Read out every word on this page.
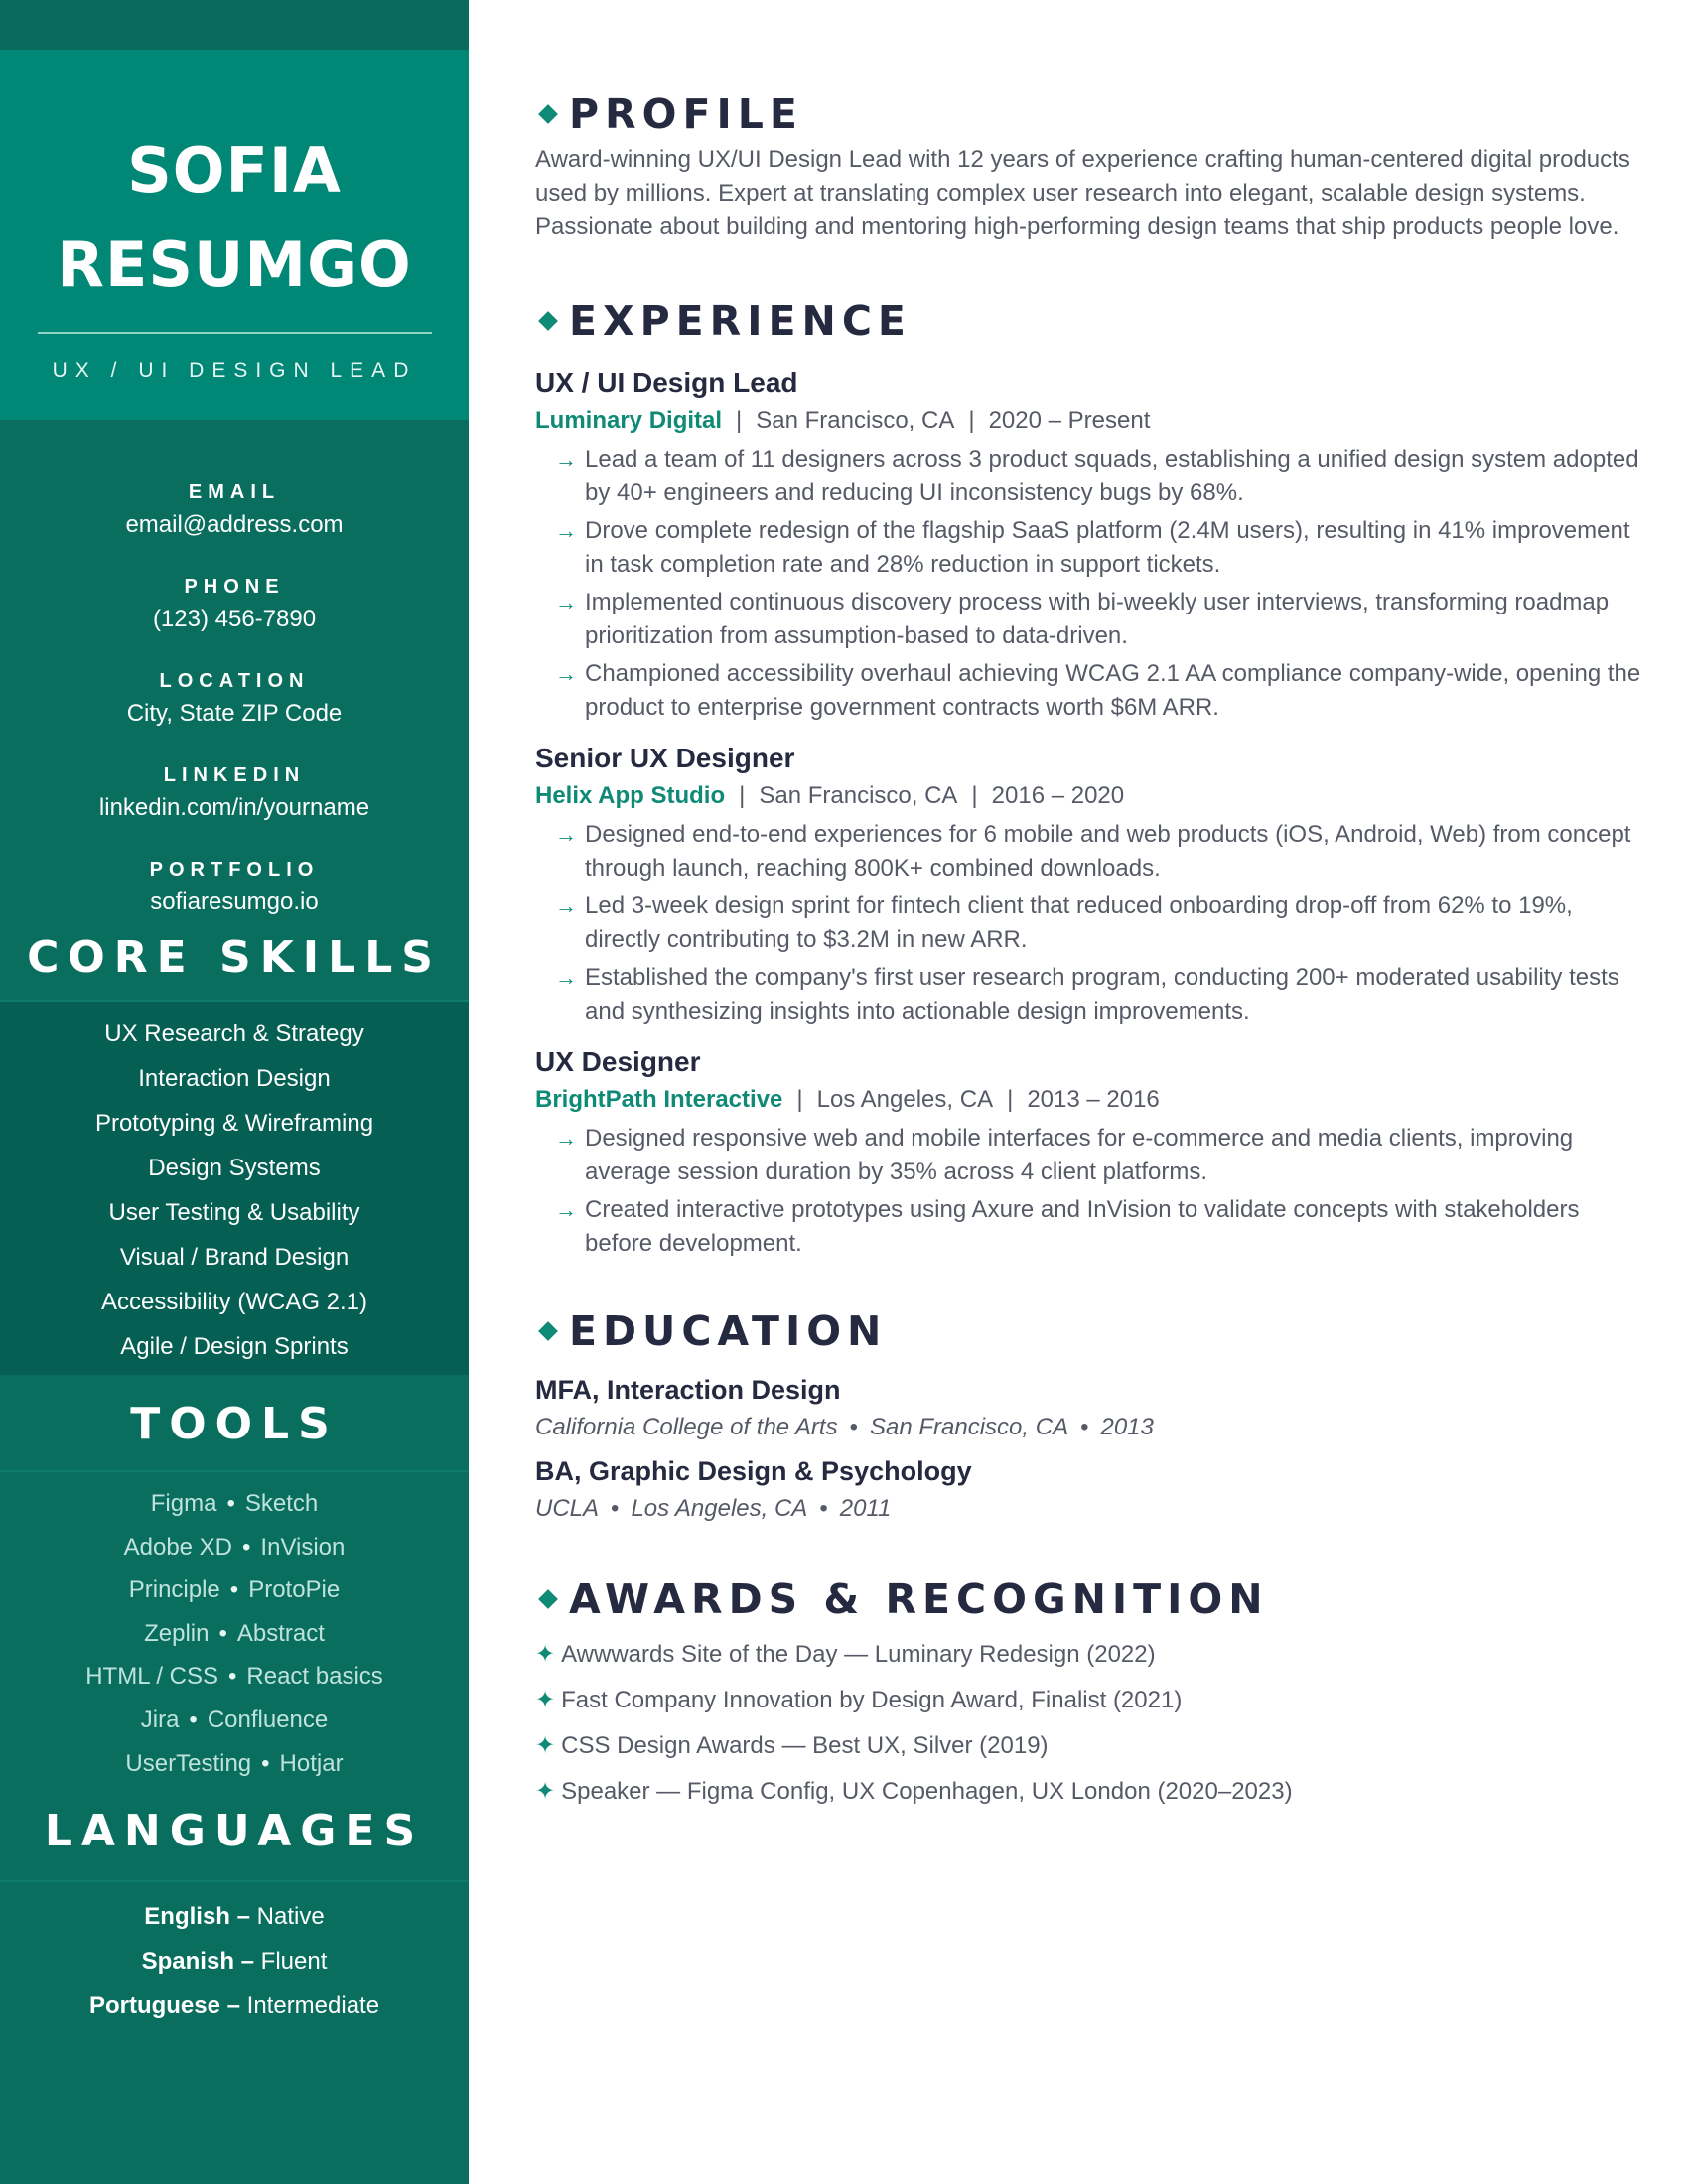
SOFIA
RESUMGO
UX / UI DESIGN LEAD
EMAIL
email@address.com
PHONE
(123) 456-7890
LOCATION
City, State ZIP Code
LINKEDIN
linkedin.com/in/yourname
PORTFOLIO
sofiaresumgo.io
CORE SKILLS
UX Research & Strategy
Interaction Design
Prototyping & Wireframing
Design Systems
User Testing & Usability
Visual / Brand Design
Accessibility (WCAG 2.1)
Agile / Design Sprints
TOOLS
Figma • Sketch
Adobe XD • InVision
Principle • ProtoPie
Zeplin • Abstract
HTML / CSS • React basics
Jira • Confluence
UserTesting • Hotjar
LANGUAGES
English – Native
Spanish – Fluent
Portuguese – Intermediate
PROFILE

Award-winning UX/UI Design Lead with 12 years of experience crafting human-centered digital products used by millions. Expert at translating complex user research into elegant, scalable design systems. Passionate about building and mentoring high-performing design teams that ship products people love.

EXPERIENCE
UX / UI Design Lead
Luminary Digital | San Francisco, CA | 2020 – Present
→ Lead a team of 11 designers across 3 product squads, establishing a unified design system adopted by 40+ engineers and reducing UI inconsistency bugs by 68%.
→ Drove complete redesign of the flagship SaaS platform (2.4M users), resulting in 41% improvement in task completion rate and 28% reduction in support tickets.
→ Implemented continuous discovery process with bi-weekly user interviews, transforming roadmap prioritization from assumption-based to data-driven.
→ Championed accessibility overhaul achieving WCAG 2.1 AA compliance company-wide, opening the product to enterprise government contracts worth $6M ARR.
Senior UX Designer
Helix App Studio | San Francisco, CA | 2016 – 2020
→ Designed end-to-end experiences for 6 mobile and web products (iOS, Android, Web) from concept through launch, reaching 800K+ combined downloads.
→ Led 3-week design sprint for fintech client that reduced onboarding drop-off from 62% to 19%, directly contributing to $3.2M in new ARR.
→ Established the company's first user research program, conducting 200+ moderated usability tests and synthesizing insights into actionable design improvements.
UX Designer
BrightPath Interactive | Los Angeles, CA | 2013 – 2016
→ Designed responsive web and mobile interfaces for e-commerce and media clients, improving average session duration by 35% across 4 client platforms.
→ Created interactive prototypes using Axure and InVision to validate concepts with stakeholders before development.
EDUCATION
MFA, Interaction Design
California College of the Arts • San Francisco, CA • 2013
BA, Graphic Design & Psychology
UCLA • Los Angeles, CA • 2011
AWARDS & RECOGNITION
✦ Awwwards Site of the Day — Luminary Redesign (2022)
✦ Fast Company Innovation by Design Award, Finalist (2021)
✦ CSS Design Awards — Best UX, Silver (2019)
✦ Speaker — Figma Config, UX Copenhagen, UX London (2020–2023)
